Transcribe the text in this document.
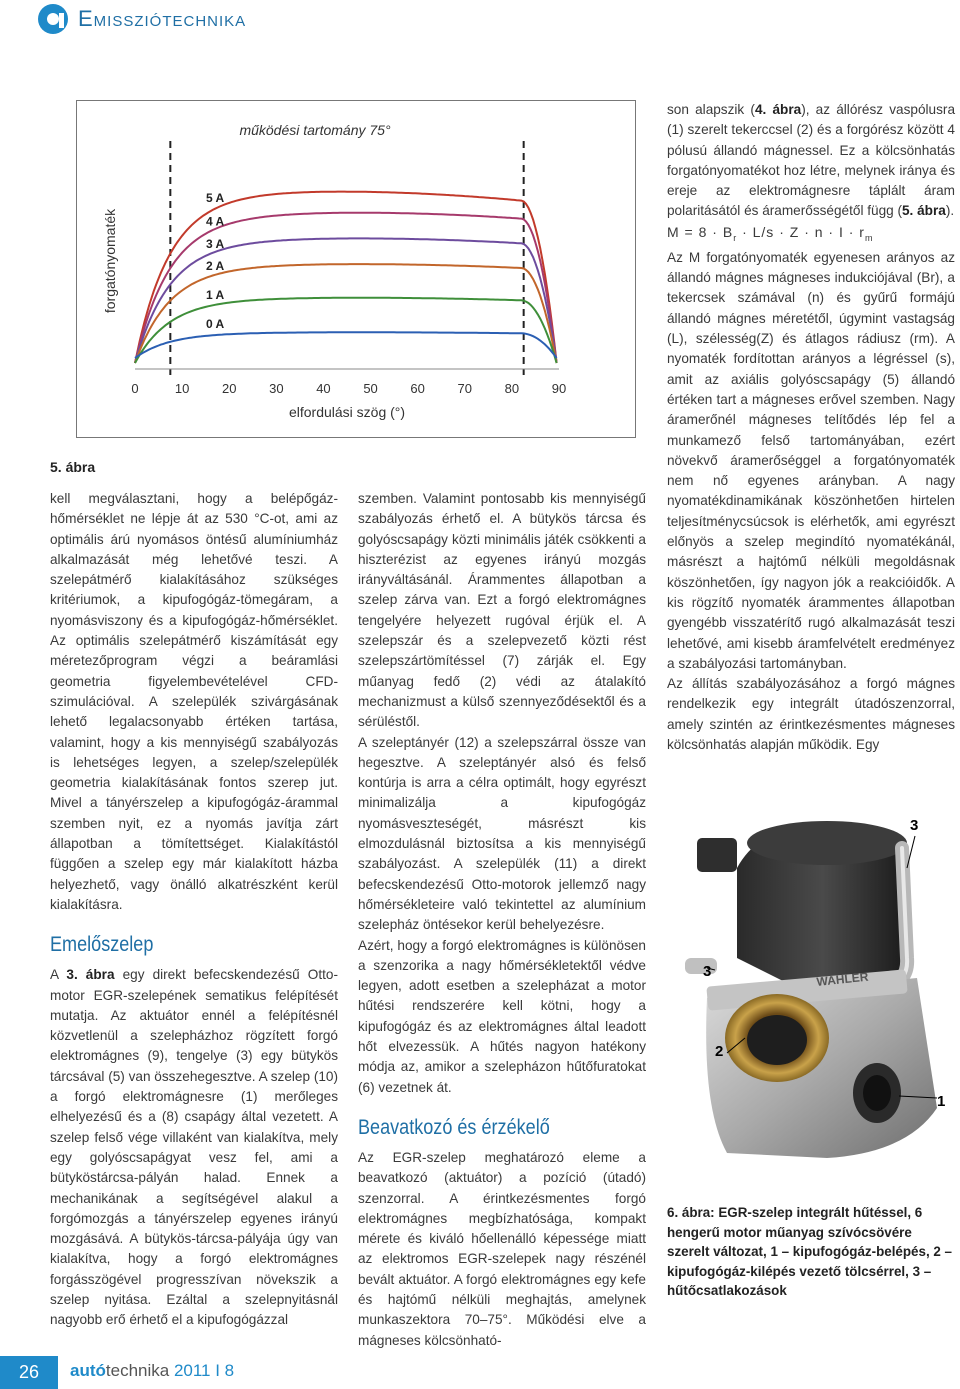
Emissziótechnika
működési tartomány 75°
forgatónyomaték
5 A
4 A
3 A
2 A
1 A
0 A
0	10	20	30	40	50	60	70	80	90
elfordulási szög (°)
5. ábra

kell megválasztani, hogy a belépőgáz-hőmérséklet ne lépje át az 530 °C-ot, ami az optimális árú nyomásos öntésű alumíniumház alkalmazását még lehetővé teszi. A szelepátmérő kialakításához szükséges kritériumok, a kipufogógáz-tömegáram, a nyomásviszony és a kipufogógáz-hőmérséklet. Az optimális szelepátmérő kiszámítását egy méretezőprogram végzi a beáramlási geometria figyelembevételével CFD-szimulációval. A szelepülék szivárgásának lehető legalacsonyabb értéken tartása, valamint, hogy a kis mennyiségű szabályozás is lehetséges legyen, a szelep/szelepülék geometria kialakításának fontos szerep jut. Mivel a tányérszelep a kipufogógáz-árammal szemben nyit, ez a nyomás javítja zárt állapotban a tömítettséget. Kialakítástól függően a szelep egy már kialakított házba helyezhető, vagy önálló alkatrészként kerül kialakításra.

Emelőszelep

A 3. ábra egy direkt befecskendezésű Otto-motor EGR-szelepének sematikus felépítését mutatja. Az aktuátor ennél a felépítésnél közvetlenül a szelepházhoz rögzített forgó elektromágnes (9), tengelye (3) egy bütykös tárcsával (5) van összehegesztve. A szelep (10) a forgó elektromágnesre (1) merőleges elhelyezésű és a (8) csapágy által vezetett. A szelep felső vége villaként van kialakítva, mely egy golyóscsapágyat vesz fel, ami a bütyköstárcsa-pályán halad. Ennek a mechanikának a segítségével alakul a forgómozgás a tányérszelep egyenes irányú mozgásává. A bütykös-tárcsa-pályája úgy van kialakítva, hogy a forgó elektromágnes forgásszögével progresszívan növekszik a szelep nyitása. Ezáltal a szelepnyitásnál nagyobb erő érhető el a kipufogógázzal

szemben. Valamint pontosabb kis mennyiségű szabályozás érhető el. A bütykös tárcsa és golyóscsapágy közti minimális játék csökkenti a hiszterézist az egyenes irányú mozgás irányváltásánál. Árammentes állapotban a szelep zárva van. Ezt a forgó elektromágnes tengelyére helyezett rugóval érjük el. A szelepszár és a szelepvezető közti rést szelepszártömítéssel (7) zárják el. Egy műanyag fedő (2) védi az átalakító mechanizmust a külső szennyeződésektől és a sérüléstől.

A szeleptányér (12) a szelepszárral össze van hegesztve. A szeleptányér alsó és felső kontúrja is arra a célra optimált, hogy egyrészt minimalizálja a kipufogógáz nyomásveszteségét, másrészt kis elmozdulásnál biztosítsa a kis mennyiségű szabályozást. A szelepülék (11) a direkt befecskendezésű Otto-motorok jellemző nagy hőmérsékleteire való tekintettel az alumínium szelepház öntésekor kerül behelyezésre.

Azért, hogy a forgó elektromágnes is különösen a szenzorika a nagy hőmérsékletektől védve legyen, adott esetben a szelepházat a motor hűtési rendszerére kell kötni, hogy a kipufogógáz és az elektromágnes által leadott hőt elvezessük. A hűtés nagyon hatékony módja az, amikor a szelepházon hűtőfuratokat (6) vezetnek át.

Beavatkozó és érzékelő

Az EGR-szelep meghatározó eleme a beavatkozó (aktuátor) a pozíció (útadó) szenzorral. A érintkezésmentes forgó elektromágnes megbízhatósága, kompakt mérete és kiváló hőellenálló képessége miatt az elektromos EGR-szelepek nagy részénél bevált aktuátor. A forgó elektromágnes egy kefe és hajtómű nélküli meghajtás, amelynek munkaszektora 70–75°. Működési elve a mágneses kölcsönható-

son alapszik (4. ábra), az állórész vaspólusra (1) szerelt tekerccsel (2) és a forgórész között 4 pólusú állandó mágnessel. Ez a kölcsönhatás forgatónyomatékot hoz létre, melynek iránya és ereje az elektromágnesre táplált áram polaritásától és áramerősségétől függ (5. ábra).

$M = 8 \cdot B_r \cdot L/s \cdot Z \cdot n \cdot I \cdot r_m$

Az M forgatónyomaték egyenesen arányos az állandó mágnes mágneses indukciójával (Br), a tekercsek számával (n) és gyűrű formájú állandó mágnes méretétől, úgymint vastagság (L), szélesség(Z) és átlagos rádiusz (rm). A nyomaték fordítottan arányos a légréssel (s), amit az axiális golyóscsapágy (5) állandó értéken tart a mágneses erővel szemben. Nagy áramerőnél mágneses telítődés lép fel a munkamező felső tartományában, ezért növekvő áramerőséggel a forgatónyomaték nem nő egyenes arányban. A nagy nyomatékdinamikának köszönhetően hirtelen teljesítménycsúcsok is elérhetők, ami egyrészt előnyös a szelep megindító nyomatékánál, másrészt a hajtómű nélküli megoldásnak köszönhetően, így nagyon jók a reakcióidők. A kis rögzítő nyomaték árammentes állapotban gyengébb visszatérítő rugó alkalmazását teszi lehetővé, ami kisebb áramfelvételt eredményez a szabályozási tartományban.

Az állítás szabályozásához a forgó mágnes rendelkezik egy integrált útadószenzorral, amely szintén az érintkezésmentes mágneses kölcsönhatás alapján működik. Egy

WAHLER
3
3
2
1
6. ábra: EGR-szelep integrált hűtéssel, 6 hengerű motor műanyag szívócsövére szerelt változat, 1 – kipufogógáz-belépés, 2 – kipufogógáz-kilépés vezető tölcsérrel, 3 – hűtőcsatlakozások
26	autótechnika 2011 I 8
